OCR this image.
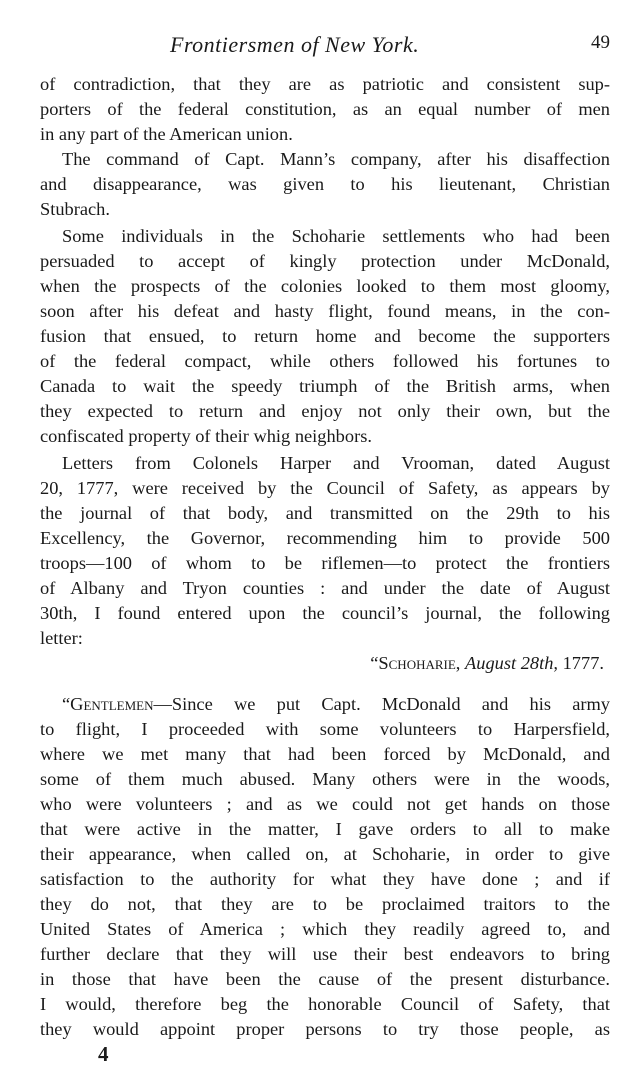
Frontiersmen of New York.	49
of contradiction, that they are as patriotic and consistent sup-
porters of the federal constitution, as an equal number of men
in any part of the American union.
The command of Capt. Mann’s company, after his disaffection
and disappearance, was given to his lieutenant, Christian
Stubrach.
Some individuals in the Schoharie settlements who had been
persuaded to accept of kingly protection under McDonald,
when the prospects of the colonies looked to them most gloomy,
soon after his defeat and hasty flight, found means, in the con-
fusion that ensued, to return home and become the supporters
of the federal compact, while others followed his fortunes to
Canada to wait the speedy triumph of the British arms, when
they expected to return and enjoy not only their own, but the
confiscated property of their whig neighbors.
Letters from Colonels Harper and Vrooman, dated August
20, 1777, were received by the Council of Safety, as appears by
the journal of that body, and transmitted on the 29th to his
Excellency, the Governor, recommending him to provide 500
troops—100 of whom to be riflemen—to protect the frontiers
of Albany and Tryon counties : and under the date of August
30th, I found entered upon the council’s journal, the following
letter:
“Schoharie, August 28th, 1777.
“Gentlemen—Since we put Capt. McDonald and his army
to flight, I proceeded with some volunteers to Harpersfield,
where we met many that had been forced by McDonald, and
some of them much abused. Many others were in the woods,
who were volunteers ; and as we could not get hands on those
that were active in the matter, I gave orders to all to make
their appearance, when called on, at Schoharie, in order to give
satisfaction to the authority for what they have done ; and if
they do not, that they are to be proclaimed traitors to the
United States of America ; which they readily agreed to, and
further declare that they will use their best endeavors to bring
in those that have been the cause of the present disturbance.
I would, therefore beg the honorable Council of Safety, that
they would appoint proper persons to try those people, as
4
